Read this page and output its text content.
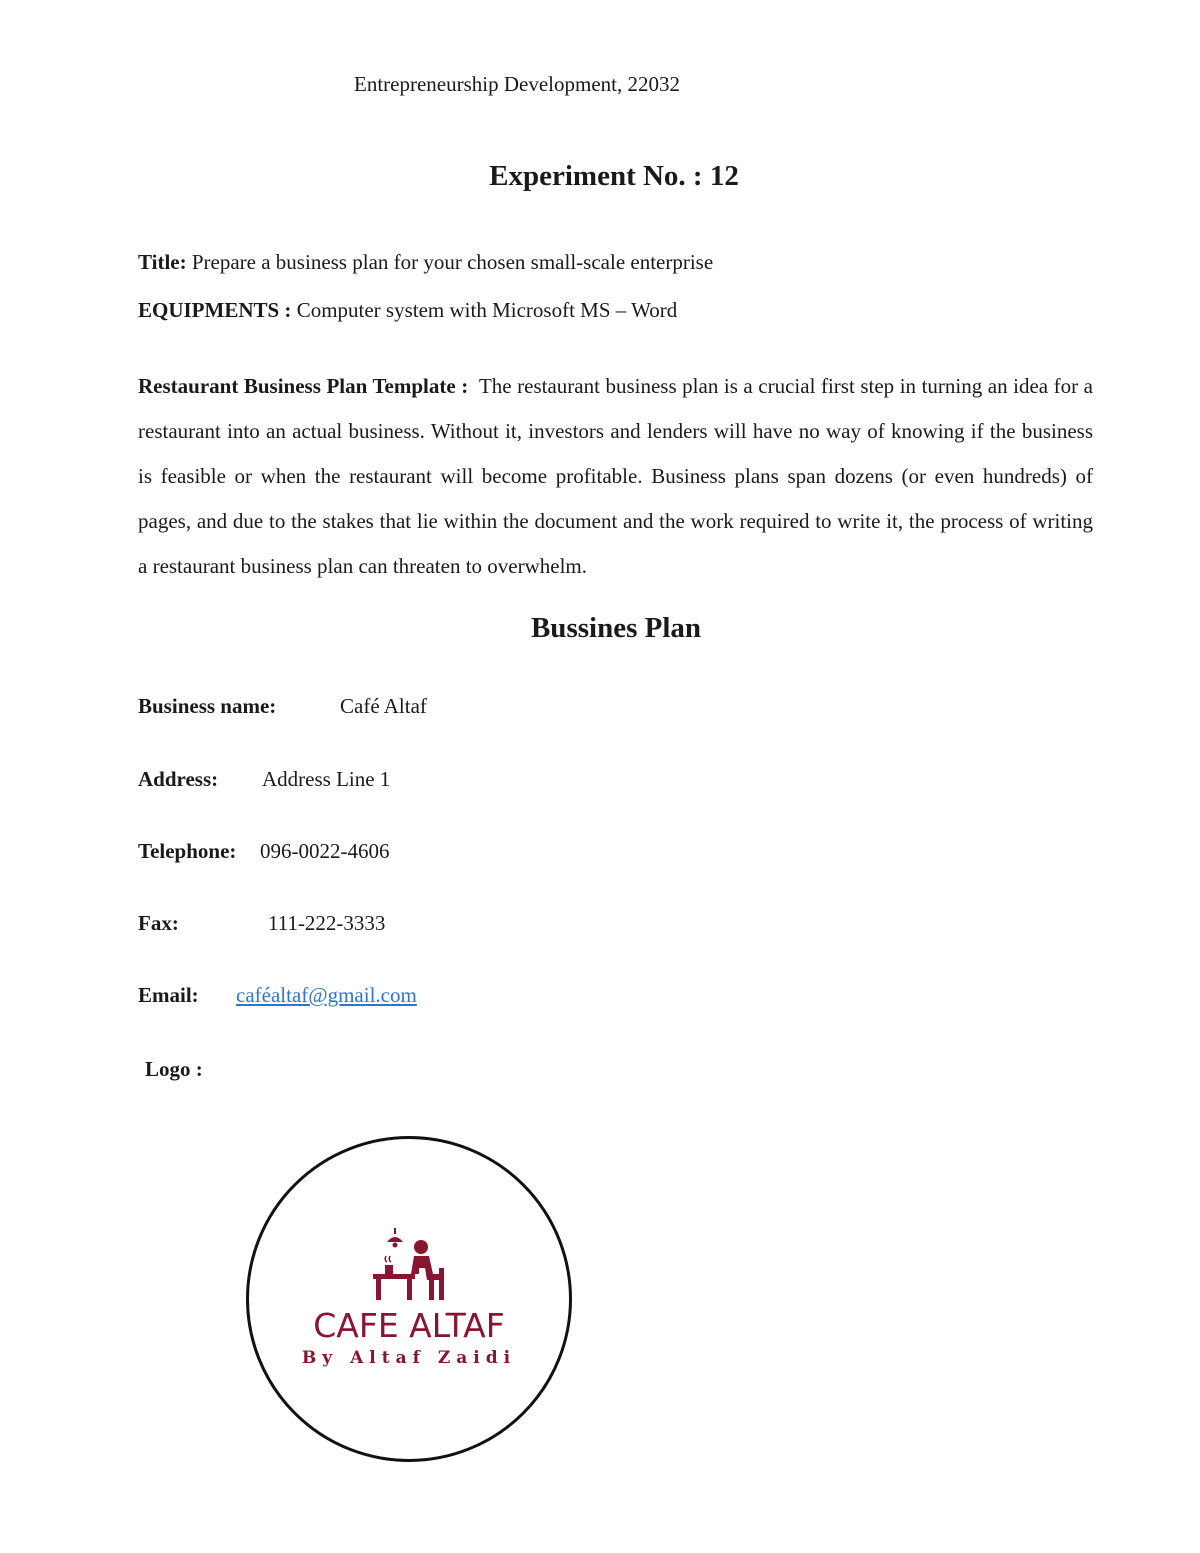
Entrepreneurship Development, 22032
Experiment No. : 12
Title: Prepare a business plan for your chosen small-scale enterprise
EQUIPMENTS : Computer system with Microsoft MS – Word
Restaurant Business Plan Template : The restaurant business plan is a crucial first step in turning an idea for a restaurant into an actual business. Without it, investors and lenders will have no way of knowing if the business is feasible or when the restaurant will become profitable. Business plans span dozens (or even hundreds) of pages, and due to the stakes that lie within the document and the work required to write it, the process of writing a restaurant business plan can threaten to overwhelm.
Bussines Plan
Business name:	Café Altaf
Address: Address Line 1
Telephone: 096-0022-4606
Fax:	111-222-3333
Email: caféaltaf@gmail.com
Logo :
CAFE ALTAF
By Altaf Zaidi
